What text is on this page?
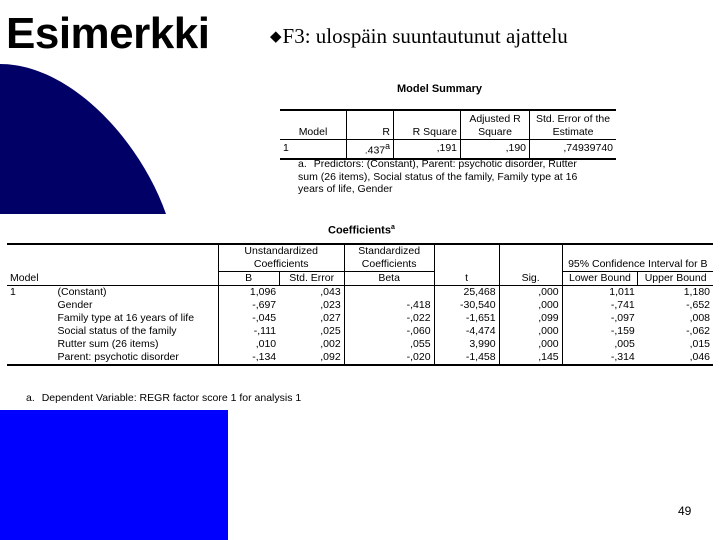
Esimerkki	◆F3: ulospäin suuntautunut ajattelu
Model Summary
Model	R	R Square	Adjusted R Square	Std. Error of the Estimate
1	.437$^a$	,191	,190	,74939740
a. Predictors: (Constant), Parent: psychotic disorder, Rutter sum (26 items), Social status of the family, Family type at 16 years of life, Gender
Coefficients$^a$
		Unstandardized Coefficients		Standardized Coefficients			95% Confidence Interval for B	
Model		B	Std. Error	Beta	t	Sig.	Lower Bound	Upper Bound
1	(Constant)	1,096	,043		25,468	,000	1,011	1,180
	Gender	-,697	,023	-,418	-30,540	,000	-,741	-,652
	Family type at 16 years of life	-,045	,027	-,022	-1,651	,099	-,097	,008
	Social status of the family	-,111	,025	-,060	-4,474	,000	-,159	-,062
	Rutter sum (26 items)	,010	,002	,055	3,990	,000	,005	,015
	Parent: psychotic disorder	-,134	,092	-,020	-1,458	,145	-,314	,046
a. Dependent Variable: REGR factor score 1 for analysis 1
49
